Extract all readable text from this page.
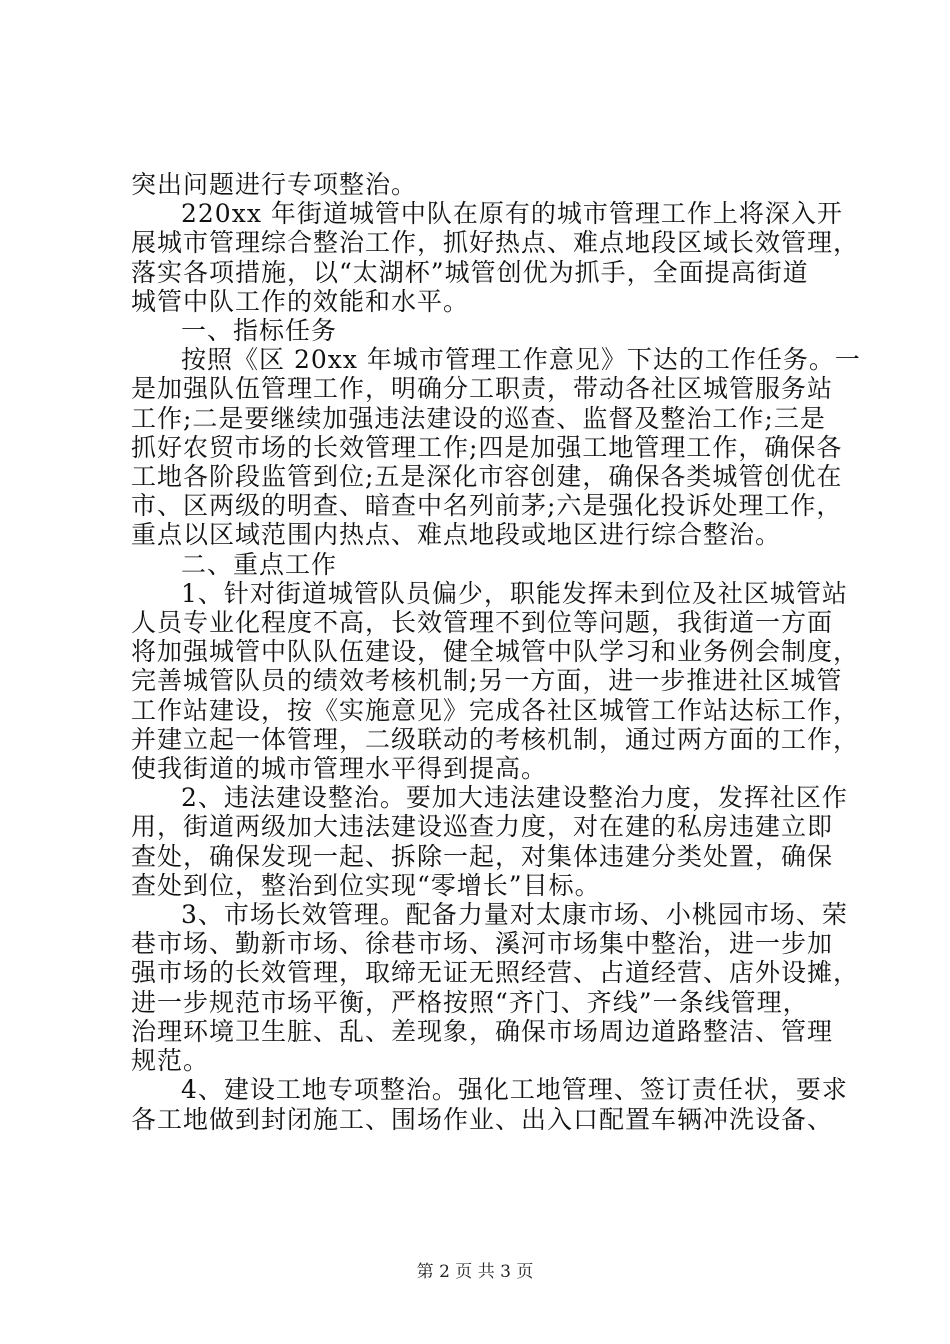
突出问题进行专项整治。
220xx 年街道城管中队在原有的城市管理工作上将深入开
展城市管理综合整治工作，抓好热点、难点地段区域长效管理，
落实各项措施，以“太湖杯”城管创优为抓手，全面提高街道
城管中队工作的效能和水平。
一、指标任务
按照《区 20xx 年城市管理工作意见》下达的工作任务。一
是加强队伍管理工作，明确分工职责，带动各社区城管服务站
工作;二是要继续加强违法建设的巡查、监督及整治工作;三是
抓好农贸市场的长效管理工作;四是加强工地管理工作，确保各
工地各阶段监管到位;五是深化市容创建，确保各类城管创优在
市、区两级的明查、暗查中名列前茅;六是强化投诉处理工作，
重点以区域范围内热点、难点地段或地区进行综合整治。
二、重点工作
1、针对街道城管队员偏少，职能发挥未到位及社区城管站
人员专业化程度不高，长效管理不到位等问题，我街道一方面
将加强城管中队队伍建设，健全城管中队学习和业务例会制度，
完善城管队员的绩效考核机制;另一方面，进一步推进社区城管
工作站建设，按《实施意见》完成各社区城管工作站达标工作，
并建立起一体管理，二级联动的考核机制，通过两方面的工作，
使我街道的城市管理水平得到提高。
2、违法建设整治。要加大违法建设整治力度，发挥社区作
用，街道两级加大违法建设巡查力度，对在建的私房违建立即
查处，确保发现一起、拆除一起，对集体违建分类处置，确保
查处到位，整治到位实现“零增长”目标。
3、市场长效管理。配备力量对太康市场、小桃园市场、荣
巷市场、勤新市场、徐巷市场、溪河市场集中整治，进一步加
强市场的长效管理，取缔无证无照经营、占道经营、店外设摊，
进一步规范市场平衡，严格按照“齐门、齐线”一条线管理，
治理环境卫生脏、乱、差现象，确保市场周边道路整洁、管理
规范。
4、建设工地专项整治。强化工地管理、签订责任状，要求
各工地做到封闭施工、围场作业、出入口配置车辆冲洗设备、
第 2 页 共 3 页
